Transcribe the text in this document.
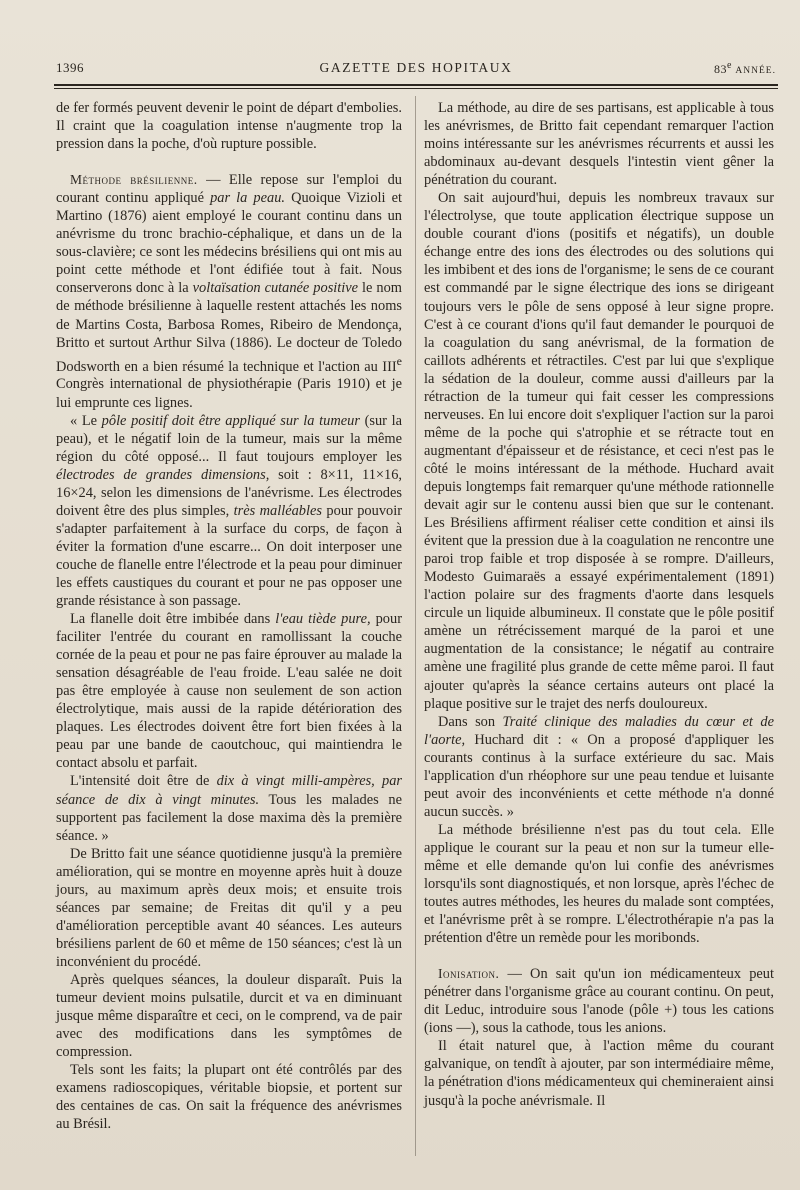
1396	GAZETTE DES HOPITAUX	83e ANNÉE.

de fer formés peuvent devenir le point de départ d'embolies. Il craint que la coagulation intense n'augmente trop la pression dans la poche, d'où rupture possible.

Méthode brésilienne. — Elle repose sur l'emploi du courant continu appliqué par la peau. Quoique Vizioli et Martino (1876) aient employé le courant continu dans un anévrisme du tronc brachio-céphalique, et dans un de la sous-clavière; ce sont les médecins brésiliens qui ont mis au point cette méthode et l'ont édifiée tout à fait. Nous conserverons donc à la voltaïsation cutanée positive le nom de méthode brésilienne à laquelle restent attachés les noms de Martins Costa, Barbosa Romes, Ribeiro de Mendonça, Britto et surtout Arthur Silva (1886). Le docteur de Toledo Dodsworth en a bien résumé la technique et l'action au IIIe Congrès international de physiothérapie (Paris 1910) et je lui emprunte ces lignes.

« Le pôle positif doit être appliqué sur la tumeur (sur la peau), et le négatif loin de la tumeur, mais sur la même région du côté opposé... Il faut toujours employer les électrodes de grandes dimensions, soit : 8×11, 11×16, 16×24, selon les dimensions de l'anévrisme. Les électrodes doivent être des plus simples, très malléables pour pouvoir s'adapter parfaitement à la surface du corps, de façon à éviter la formation d'une escarre... On doit interposer une couche de flanelle entre l'électrode et la peau pour diminuer les effets caustiques du courant et pour ne pas opposer une grande résistance à son passage.

La flanelle doit être imbibée dans l'eau tiède pure, pour faciliter l'entrée du courant en ramollissant la couche cornée de la peau et pour ne pas faire éprouver au malade la sensation désagréable de l'eau froide. L'eau salée ne doit pas être employée à cause non seulement de son action électrolytique, mais aussi de la rapide détérioration des plaques. Les électrodes doivent être fort bien fixées à la peau par une bande de caoutchouc, qui maintiendra le contact absolu et parfait.

L'intensité doit être de dix à vingt milli-ampères, par séance de dix à vingt minutes. Tous les malades ne supportent pas facilement la dose maxima dès la première séance. »

De Britto fait une séance quotidienne jusqu'à la première amélioration, qui se montre en moyenne après huit à douze jours, au maximum après deux mois; et ensuite trois séances par semaine; de Freitas dit qu'il y a peu d'amélioration perceptible avant 40 séances. Les auteurs brésiliens parlent de 60 et même de 150 séances; c'est là un inconvénient du procédé.

Après quelques séances, la douleur disparaît. Puis la tumeur devient moins pulsatile, durcit et va en diminuant jusque même disparaître et ceci, on le comprend, va de pair avec des modifications dans les symptômes de compression.

Tels sont les faits; la plupart ont été contrôlés par des examens radioscopiques, véritable biopsie, et portent sur des centaines de cas. On sait la fréquence des anévrismes au Brésil.

La méthode, au dire de ses partisans, est applicable à tous les anévrismes, de Britto fait cependant remarquer l'action moins intéressante sur les anévrismes récurrents et aussi les abdominaux au-devant desquels l'intestin vient gêner la pénétration du courant.

On sait aujourd'hui, depuis les nombreux travaux sur l'électrolyse, que toute application électrique suppose un double courant d'ions (positifs et négatifs), un double échange entre des ions des électrodes ou des solutions qui les imbibent et des ions de l'organisme; le sens de ce courant est commandé par le signe électrique des ions se dirigeant toujours vers le pôle de sens opposé à leur signe propre. C'est à ce courant d'ions qu'il faut demander le pourquoi de la coagulation du sang anévrismal, de la formation de caillots adhérents et rétractiles. C'est par lui que s'explique la sédation de la douleur, comme aussi d'ailleurs par la rétraction de la tumeur qui fait cesser les compressions nerveuses. En lui encore doit s'expliquer l'action sur la paroi même de la poche qui s'atrophie et se rétracte tout en augmentant d'épaisseur et de résistance, et ceci n'est pas le côté le moins intéressant de la méthode. Huchard avait depuis longtemps fait remarquer qu'une méthode rationnelle devait agir sur le contenu aussi bien que sur le contenant. Les Brésiliens affirment réaliser cette condition et ainsi ils évitent que la pression due à la coagulation ne rencontre une paroi trop faible et trop disposée à se rompre. D'ailleurs, Modesto Guimaraës a essayé expérimentalement (1891) l'action polaire sur des fragments d'aorte dans lesquels circule un liquide albumineux. Il constate que le pôle positif amène un rétrécissement marqué de la paroi et une augmentation de la consistance; le négatif au contraire amène une fragilité plus grande de cette même paroi. Il faut ajouter qu'après la séance certains auteurs ont placé la plaque positive sur le trajet des nerfs douloureux.

Dans son Traité clinique des maladies du cœur et de l'aorte, Huchard dit : « On a proposé d'appliquer les courants continus à la surface extérieure du sac. Mais l'application d'un rhéophore sur une peau tendue et luisante peut avoir des inconvénients et cette méthode n'a donné aucun succès. »

La méthode brésilienne n'est pas du tout cela. Elle applique le courant sur la peau et non sur la tumeur elle-même et elle demande qu'on lui confie des anévrismes lorsqu'ils sont diagnostiqués, et non lorsque, après l'échec de toutes autres méthodes, les heures du malade sont comptées, et l'anévrisme prêt à se rompre. L'électrothérapie n'a pas la prétention d'être un remède pour les moribonds.

Ionisation. — On sait qu'un ion médicamenteux peut pénétrer dans l'organisme grâce au courant continu. On peut, dit Leduc, introduire sous l'anode (pôle +) tous les cations (ions —), sous la cathode, tous les anions.

Il était naturel que, à l'action même du courant galvanique, on tendît à ajouter, par son intermédiaire même, la pénétration d'ions médicamenteux qui chemineraient ainsi jusqu'à la poche anévrismale. Il
